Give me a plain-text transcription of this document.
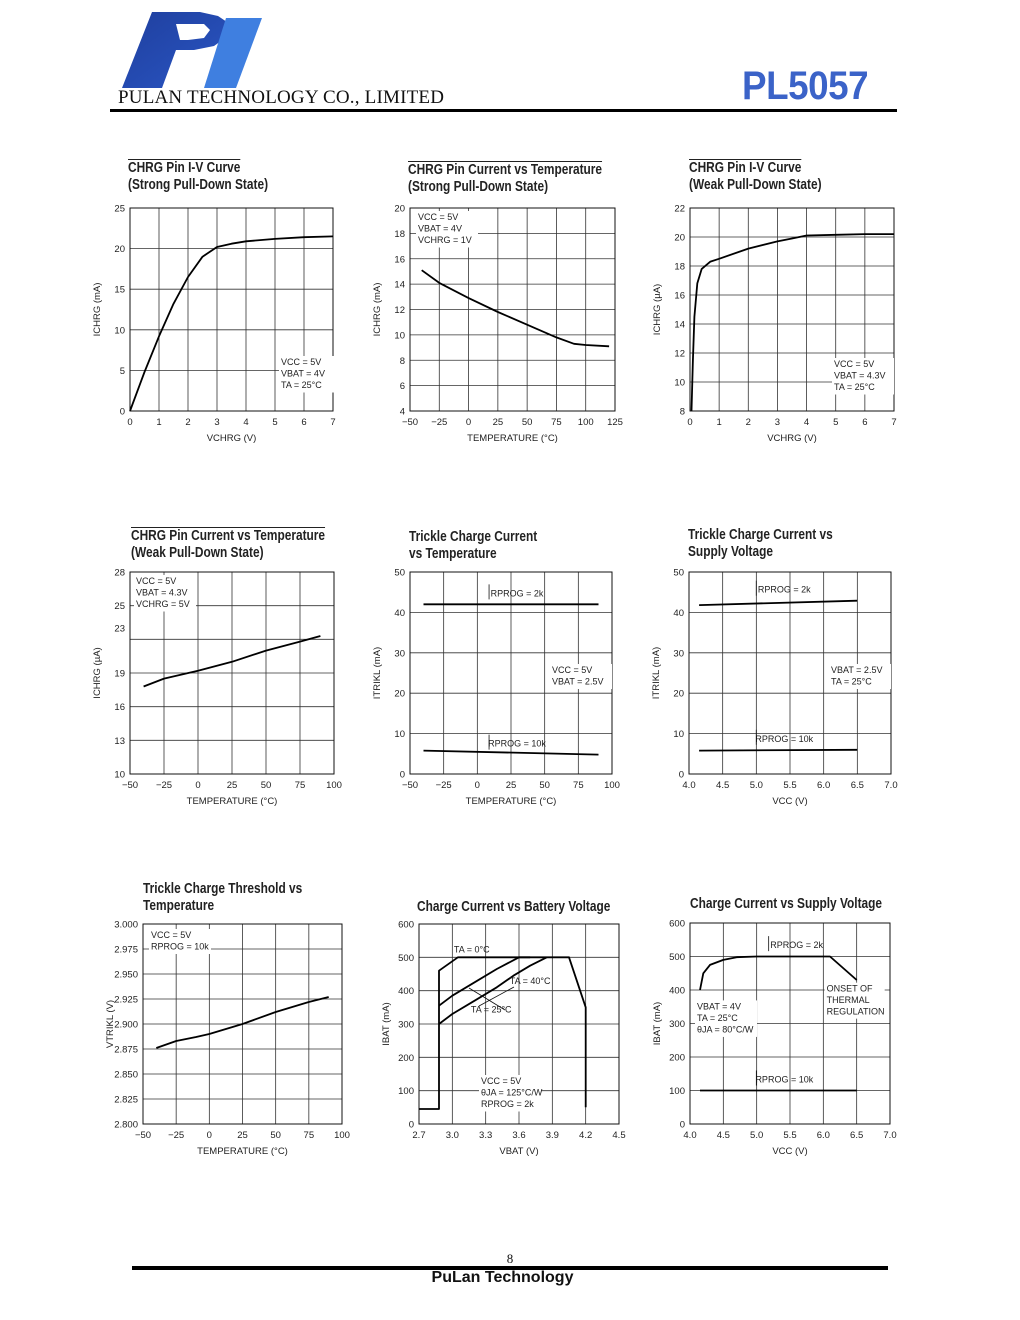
PULAN TECHNOLOGY CO., LIMITED	PL5057
CHRG Pin I-V Curve
(Strong Pull-Down State)
CHRG Pin Current vs Temperature
(Strong Pull-Down State)
CHRG Pin I-V Curve
(Weak Pull-Down State)
CHRG Pin Current vs Temperature
(Weak Pull-Down State)
Trickle Charge Current
vs Temperature
Trickle Charge Current vs
Supply Voltage
Trickle Charge Threshold vs
Temperature	Charge Current vs Battery Voltage	Charge Current vs Supply Voltage
0 1 2 3 4 5 6 7
0
5
10
15
20
25
VCHRG (V)
ICHRG (mA)
VCC = 5V
VBAT = 4V
TA = 25°C
−50 −25 0 25 50 75 100 125
4
6
8
10
12
14
16
18
20
TEMPERATURE (°C)
ICHRG (mA)
VCC = 5V
VBAT = 4V
VCHRG = 1V
0	1	2	3	4	5	6	7
8
10
12
14
16
18
20
22
VCHRG (V)
ICHRG (µA)
VCC = 5V
VBAT = 4.3V
TA = 25°C
−50 −25 0	25 50 75 100
10
13
16
19
23
25
28
TEMPERATURE (°C)
ICHRG (µA)
VCC = 5V
VBAT = 4.3V
VCHRG = 5V
−50 −25 0	25 50 75 100
0
10
20
30
40
50
TEMPERATURE (°C)
ITRIKL (mA)
RPROG = 2k
RPROG = 10k
VCC = 5V
VBAT = 2.5V
4.0 4.5 5.0 5.5 6.0 6.5 7.0
0
10
20
30
40
50
VCC (V)
ITRIKL (mA)
RPROG = 2k
RPROG = 10k
VBAT = 2.5V
TA = 25°C
−50 −25 0	25 50 75 100
2.800
2.825
2.850
2.875
2.900
2.925
2.950
2.975
3.000
TEMPERATURE (°C)
VTRIKL (V)
VCC = 5V
RPROG = 10k
2.7 3.0 3.3 3.6 3.9 4.2 4.5
0
100
200
300
400
500
600
VBAT (V)
IBAT (mA)
TA = 0°C
TA = 25°C
TA = 40°C
VCC = 5V
θJA = 125°C/W
RPROG = 2k
4.0 4.5 5.0 5.5 6.0 6.5 7.0
0
100
200
300
400
500
600
VCC (V)
IBAT (mA)
RPROG = 2k
RPROG = 10k
VBAT = 4V
TA = 25°C
θJA = 80°C/W
ONSET OF
THERMAL
REGULATION
8
PuLan Technology
